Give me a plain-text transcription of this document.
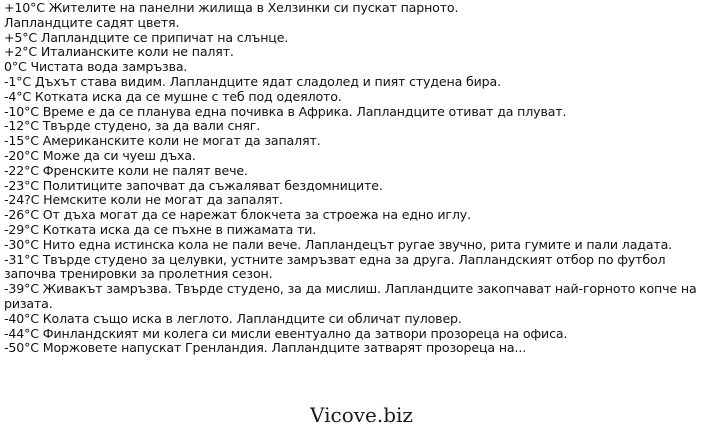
+10°C Жителите на панелни жилища в Хелзинки си пускат парното.
Лапландците садят цветя.
+5°C Лапландците се припичат на слънце.
+2°C Италианските коли не палят.
0°C Чистата вода замръзва.
-1°C Дъхът става видим. Лапландците ядат сладолед и пият студена бира.
-4°C Котката иска да се мушне с теб под одеялото.
-10°C Време е да се планува една почивка в Африка. Лапландците отиват да плуват.
-12°C Твърде студено, за да вали сняг.
-15°C Американските коли не могат да запалят.
-20°C Може да си чуеш дъха.
-22°C Френските коли не палят вече.
-23°C Политиците започват да съжаляват бездомниците.
-24?C Немските коли не могат да запалят.
-26°C От дъха могат да се нарежат блокчета за строежа на едно иглу.
-29°C Котката иска да се пъхне в пижамата ти.
-30°C Нито една истинска кола не пали вече. Лапландецът ругае звучно, рита гумите и пали ладата.
-31°C Твърде студено за целувки, устните замръзват една за друга. Лапландският отбор по футбол започва тренировки за пролетния сезон.
-39°C Живакът замръзва. Твърде студено, за да мислиш. Лапландците закопчават най-горното копче на ризата.
-40°C Колата също иска в леглото. Лапландците си обличат пуловер.
-44°C Финландският ми колега си мисли евентуално да затвори прозореца на офиса.
-50°C Моржовете напускат Гренландия. Лапландците затварят прозореца на...
Vicove.biz
